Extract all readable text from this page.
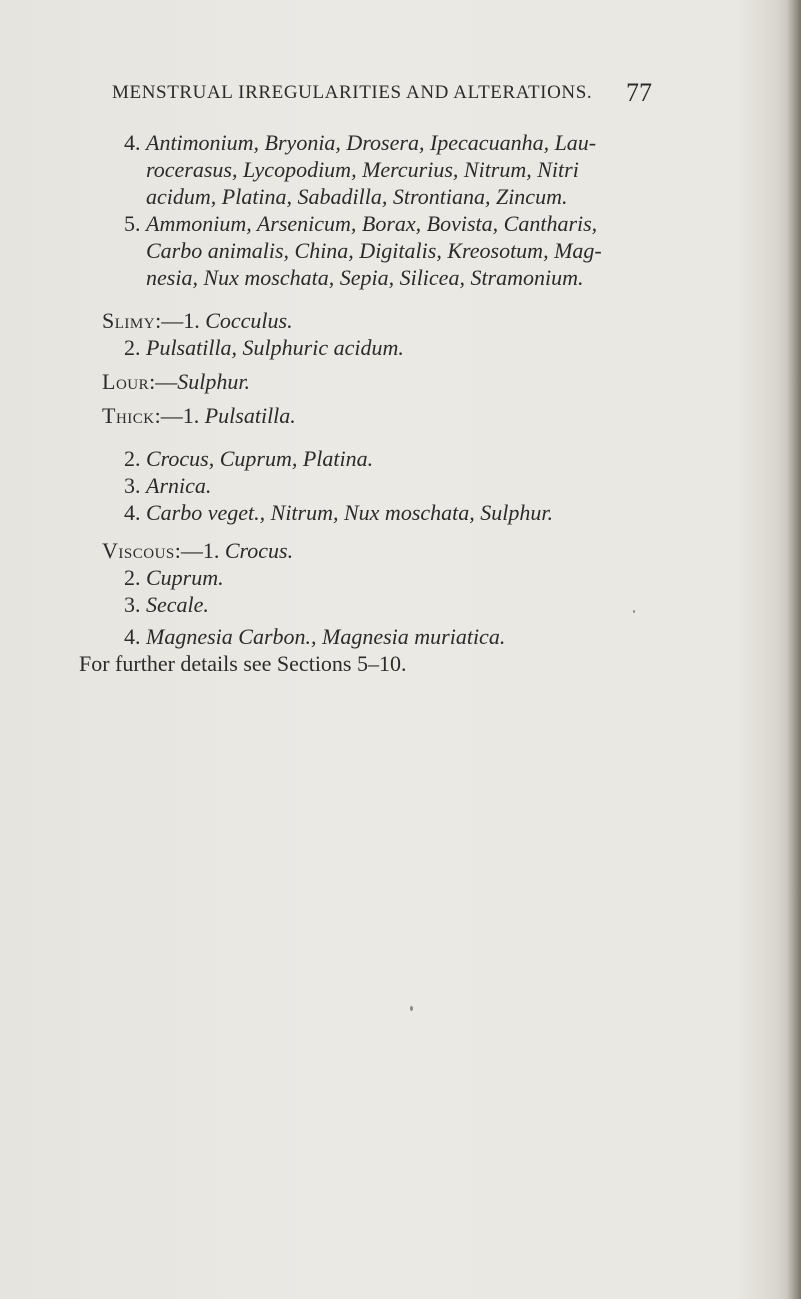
MENSTRUAL IRREGULARITIES AND ALTERATIONS. 77
4. Antimonium, Bryonia, Drosera, Ipecacuanha, Lau-
rocerasus, Lycopodium, Mercurius, Nitrum, Nitri
acidum, Platina, Sabadilla, Strontiana, Zincum.
5. Ammonium, Arsenicum, Borax, Bovista, Cantharis,
Carbo animalis, China, Digitalis, Kreosotum, Mag-
nesia, Nux moschata, Sepia, Silicea, Stramonium.
Slimy:—1. Cocculus.
2. Pulsatilla, Sulphuric acidum.
Lour:—Sulphur.
Thick:—1. Pulsatilla.
2. Crocus, Cuprum, Platina.
3. Arnica.
4. Carbo veget., Nitrum, Nux moschata, Sulphur.
Viscous:—1. Crocus.
2. Cuprum.
3. Secale.
4. Magnesia Carbon., Magnesia muriatica.
For further details see Sections 5–10.
